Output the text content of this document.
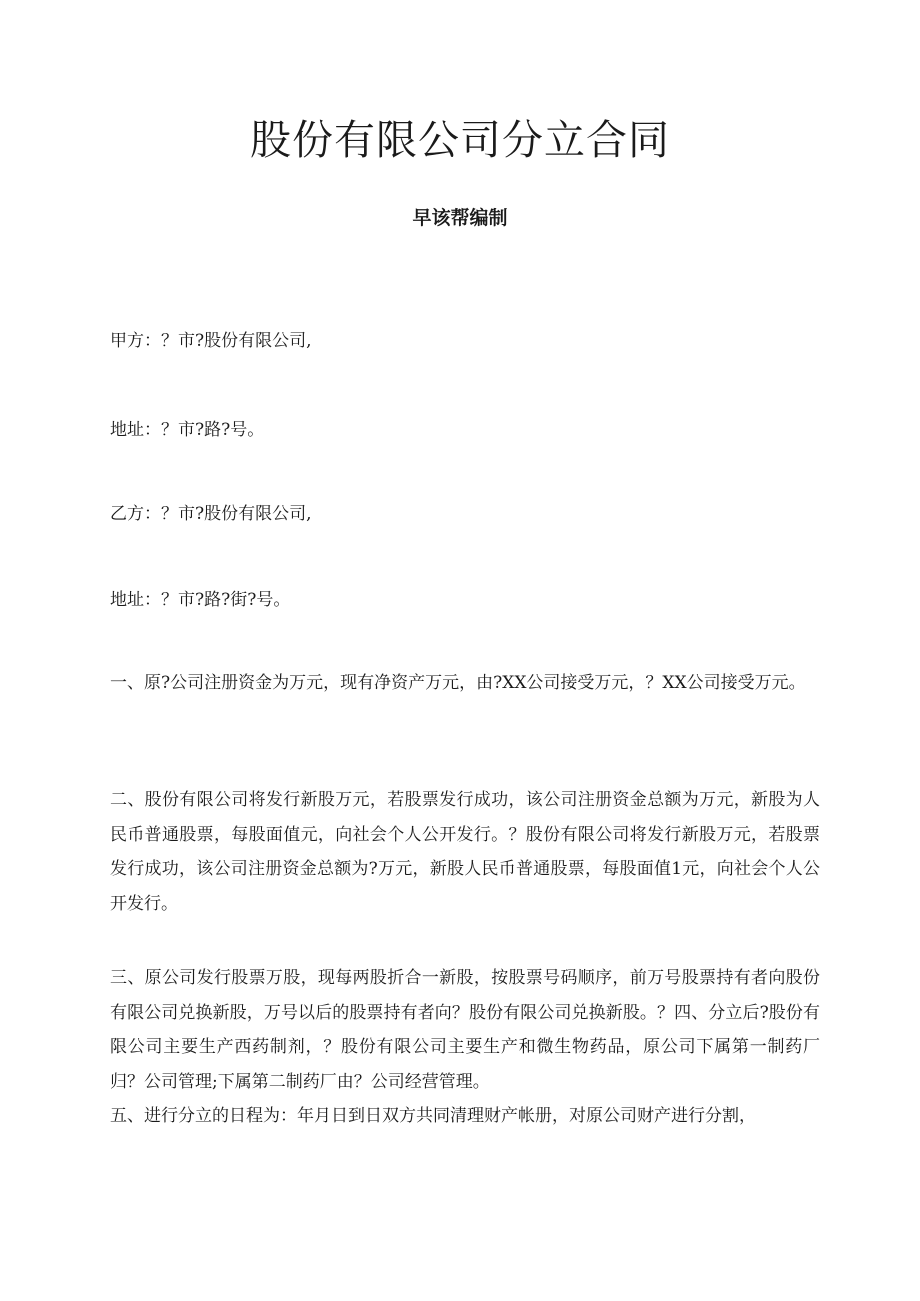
股份有限公司分立合同
早该帮编制
甲方：？市?股份有限公司,
地址：？市?路?号。
乙方：？市?股份有限公司,
地址：？市?路?街?号。
一、原?公司注册资金为万元，现有净资产万元，由?XX公司接受万元，？XX公司接受万元。
二、股份有限公司将发行新股万元，若股票发行成功，该公司注册资金总额为万元，新股为人民币普通股票，每股面值元，向社会个人公开发行。？股份有限公司将发行新股万元，若股票发行成功，该公司注册资金总额为?万元，新股人民币普通股票，每股面值1元，向社会个人公开发行。
三、原公司发行股票万股，现每两股折合一新股，按股票号码顺序，前万号股票持有者向股份有限公司兑换新股，万号以后的股票持有者向？股份有限公司兑换新股。？四、分立后?股份有限公司主要生产西药制剂，？股份有限公司主要生产和微生物药品，原公司下属第一制药厂归？公司管理;下属第二制药厂由？公司经营管理。
五、进行分立的日程为：年月日到日双方共同清理财产帐册，对原公司财产进行分割，
